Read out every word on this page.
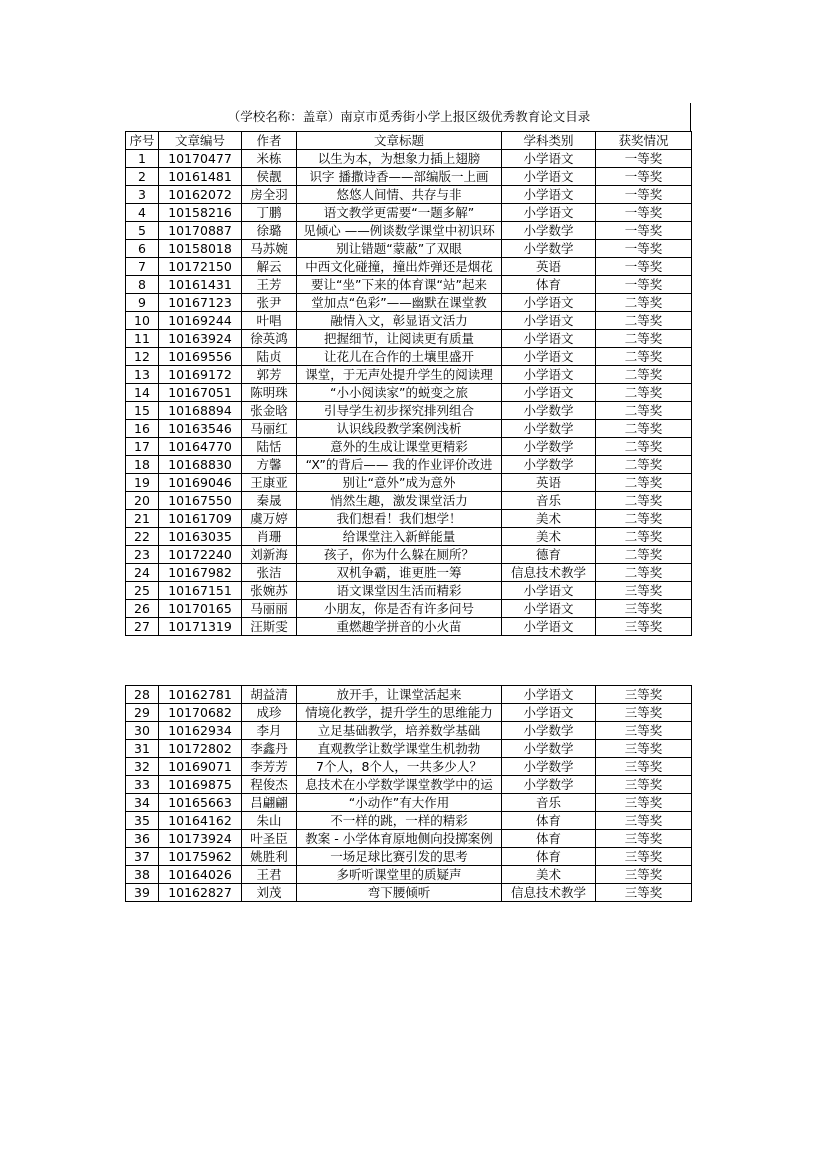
（学校名称：盖章）南京市觅秀街小学上报区级优秀教育论文目录
序号	文章编号	作者	文章标题	学科类别	获奖情况
1	10170477	米栋	以生为本，为想象力插上翅膀	小学语文	一等奖
2	10161481	侯靓	识字 播撒诗香——部编版一上画	小学语文	一等奖
3	10162072	房全羽	悠悠人间情、共存与非	小学语文	一等奖
4	10158216	丁鹏	语文教学更需要“一题多解”	小学语文	一等奖
5	10170887	徐璐	见倾心 ——例谈数学课堂中初识环	小学数学	一等奖
6	10158018	马苏婉	别让错题“蒙蔽”了双眼	小学数学	一等奖
7	10172150	解云	中西文化碰撞，撞出炸弹还是烟花	英语	一等奖
8	10161431	王芳	要让“坐”下来的体育课“站”起来	体育	一等奖
9	10167123	张尹	堂加点“色彩”——幽默在课堂教	小学语文	二等奖
10	10169244	叶唱	融情入文，彰显语文活力	小学语文	二等奖
11	10163924	徐英鸿	把握细节，让阅读更有质量	小学语文	二等奖
12	10169556	陆贞	让花儿在合作的土壤里盛开	小学语文	二等奖
13	10169172	郭芳	课堂，于无声处提升学生的阅读理	小学语文	二等奖
14	10167051	陈明珠	“小小阅读家”的蜕变之旅	小学语文	二等奖
15	10168894	张金晗	引导学生初步探究排列组合	小学数学	二等奖
16	10163546	马丽红	认识线段教学案例浅析	小学数学	二等奖
17	10164770	陆恬	意外的生成让课堂更精彩	小学数学	二等奖
18	10168830	方馨	“X”的背后—— 我的作业评价改进	小学数学	二等奖
19	10169046	王康亚	别让“意外”成为意外	英语	二等奖
20	10167550	秦晟	悄然生趣，激发课堂活力	音乐	二等奖
21	10161709	虞万婷	我们想看！我们想学！	美术	二等奖
22	10163035	肖珊	给课堂注入新鲜能量	美术	二等奖
23	10172240	刘新海	孩子，你为什么躲在厕所？	德育	二等奖
24	10167982	张洁	双机争霸，谁更胜一筹	信息技术教学	二等奖
25	10167151	张婉苏	语文课堂因生活而精彩	小学语文	三等奖
26	10170165	马丽丽	小朋友，你是否有许多问号	小学语文	三等奖
27	10171319	汪斯雯	重燃趣学拼音的小火苗	小学语文	三等奖
28	10162781	胡益清	放开手，让课堂活起来	小学语文	三等奖
29	10170682	成珍	情境化教学，提升学生的思维能力	小学语文	三等奖
30	10162934	李月	立足基础教学，培养数学基础	小学数学	三等奖
31	10172802	李鑫丹	直观教学让数学课堂生机勃勃	小学数学	三等奖
32	10169071	李芳芳	7个人，8个人，一共多少人？	小学数学	三等奖
33	10169875	程俊杰	息技术在小学数学课堂教学中的运	小学数学	三等奖
34	10165663	吕翩翩	“小动作”有大作用	音乐	三等奖
35	10164162	朱山	不一样的跳，一样的精彩	体育	三等奖
36	10173924	叶圣臣	教案 - 小学体育原地侧向投掷案例	体育	三等奖
37	10175962	姚胜利	一场足球比赛引发的思考	体育	三等奖
38	10164026	王君	多听听课堂里的质疑声	美术	三等奖
39	10162827	刘茂	弯下腰倾听	信息技术教学	三等奖
